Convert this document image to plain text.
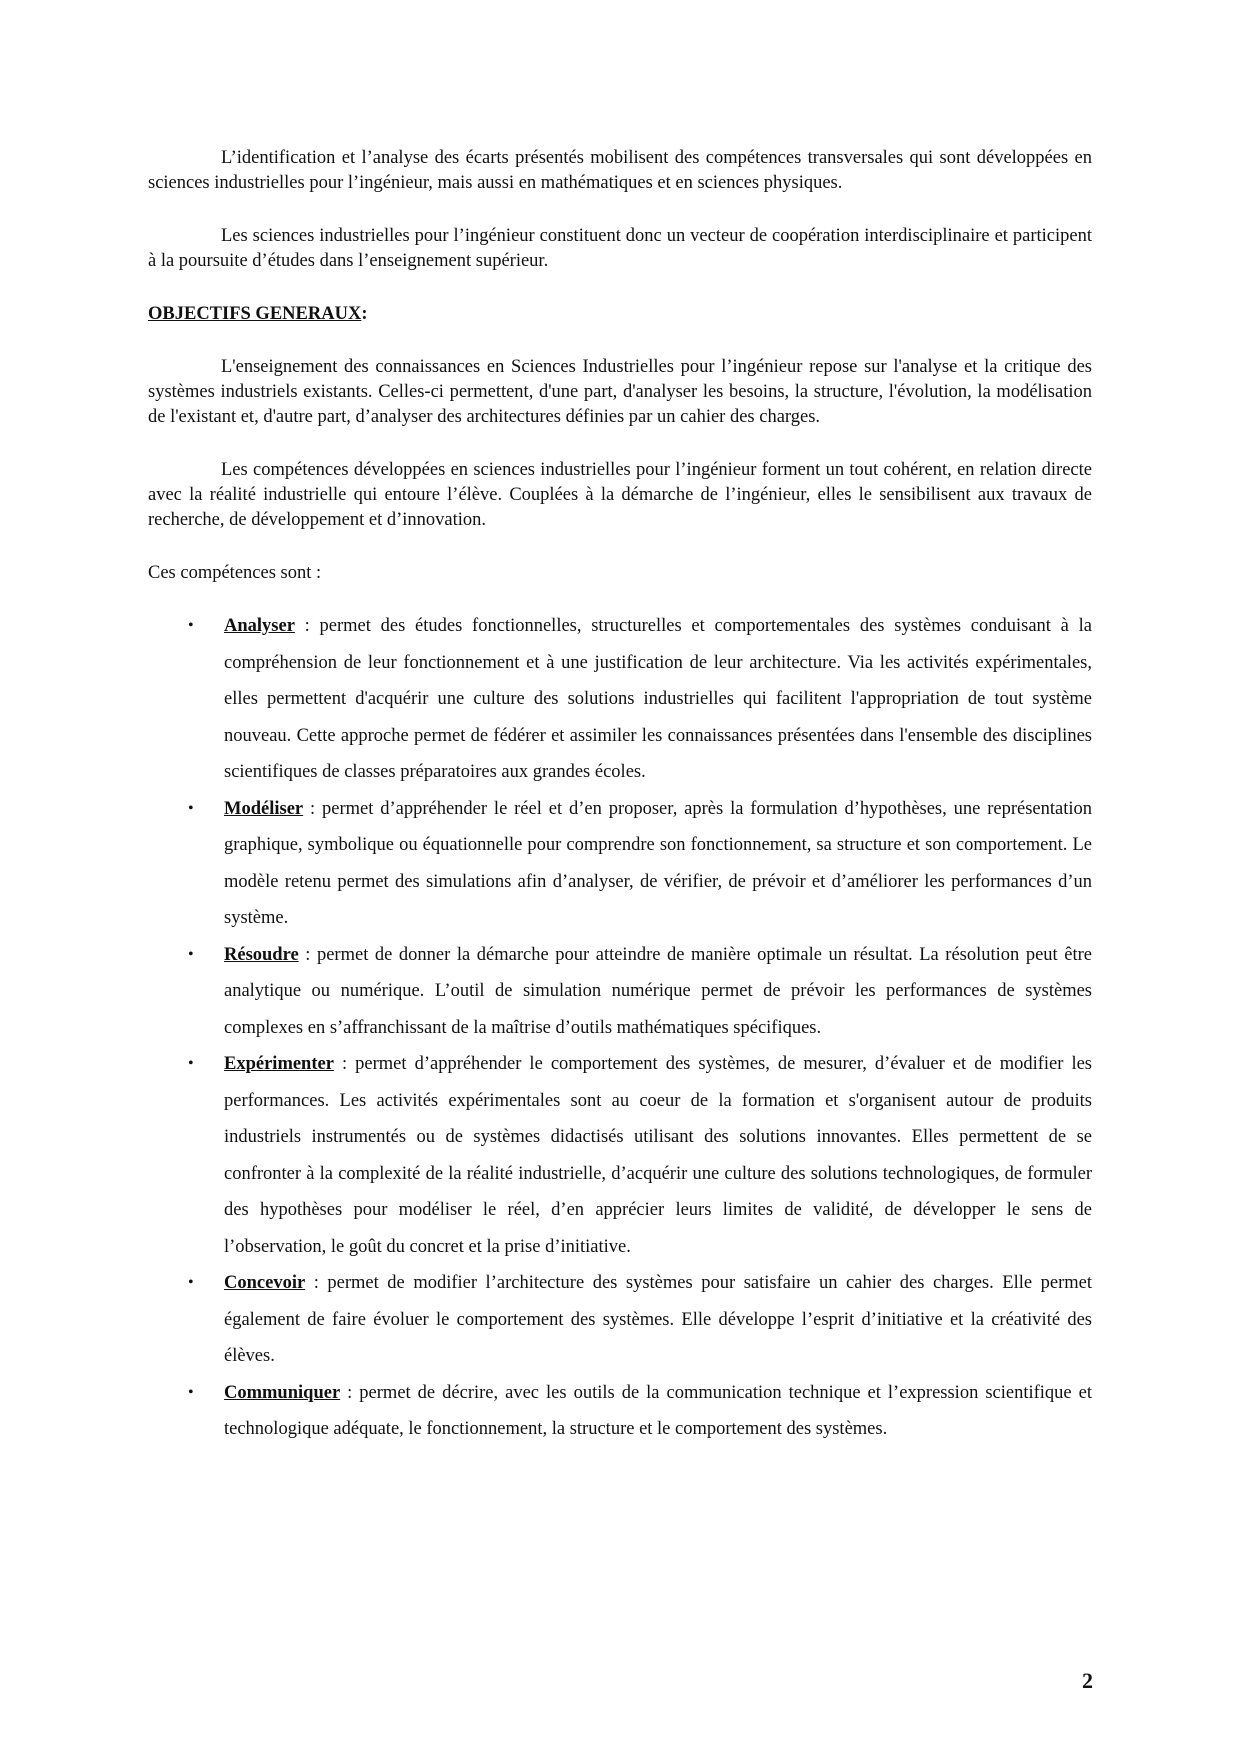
L’identification et l’analyse des écarts présentés mobilisent des compétences transversales qui sont développées en sciences industrielles pour l’ingénieur, mais aussi en mathématiques et en sciences physiques.

Les sciences industrielles pour l’ingénieur constituent donc un vecteur de coopération interdisciplinaire et participent à la poursuite d’études dans l’enseignement supérieur.

OBJECTIFS GENERAUX:

L'enseignement des connaissances en Sciences Industrielles pour l’ingénieur repose sur l'analyse et la critique des systèmes industriels existants. Celles-ci permettent, d'une part, d'analyser les besoins, la structure, l'évolution, la modélisation de l'existant et, d'autre part, d’analyser des architectures définies par un cahier des charges.

Les compétences développées en sciences industrielles pour l’ingénieur forment un tout cohérent, en relation directe avec la réalité industrielle qui entoure l’élève. Couplées à la démarche de l’ingénieur, elles le sensibilisent aux travaux de recherche, de développement et d’innovation.

Ces compétences sont :

• Analyser : permet des études fonctionnelles, structurelles et comportementales des systèmes conduisant à la compréhension de leur fonctionnement et à une justification de leur architecture. Via les activités expérimentales, elles permettent d'acquérir une culture des solutions industrielles qui facilitent l'appropriation de tout système nouveau. Cette approche permet de fédérer et assimiler les connaissances présentées dans l'ensemble des disciplines scientifiques de classes préparatoires aux grandes écoles.
• Modéliser : permet d’appréhender le réel et d’en proposer, après la formulation d’hypothèses, une représentation graphique, symbolique ou équationnelle pour comprendre son fonctionnement, sa structure et son comportement. Le modèle retenu permet des simulations afin d’analyser, de vérifier, de prévoir et d’améliorer les performances d’un système.
• Résoudre : permet de donner la démarche pour atteindre de manière optimale un résultat. La résolution peut être analytique ou numérique. L’outil de simulation numérique permet de prévoir les performances de systèmes complexes en s’affranchissant de la maîtrise d’outils mathématiques spécifiques.
• Expérimenter : permet d’appréhender le comportement des systèmes, de mesurer, d’évaluer et de modifier les performances. Les activités expérimentales sont au coeur de la formation et s'organisent autour de produits industriels instrumentés ou de systèmes didactisés utilisant des solutions innovantes. Elles permettent de se confronter à la complexité de la réalité industrielle, d’acquérir une culture des solutions technologiques, de formuler des hypothèses pour modéliser le réel, d’en apprécier leurs limites de validité, de développer le sens de l’observation, le goût du concret et la prise d’initiative.
• Concevoir : permet de modifier l’architecture des systèmes pour satisfaire un cahier des charges. Elle permet également de faire évoluer le comportement des systèmes. Elle développe l’esprit d’initiative et la créativité des élèves.
• Communiquer : permet de décrire, avec les outils de la communication technique et l’expression scientifique et technologique adéquate, le fonctionnement, la structure et le comportement des systèmes.
2
